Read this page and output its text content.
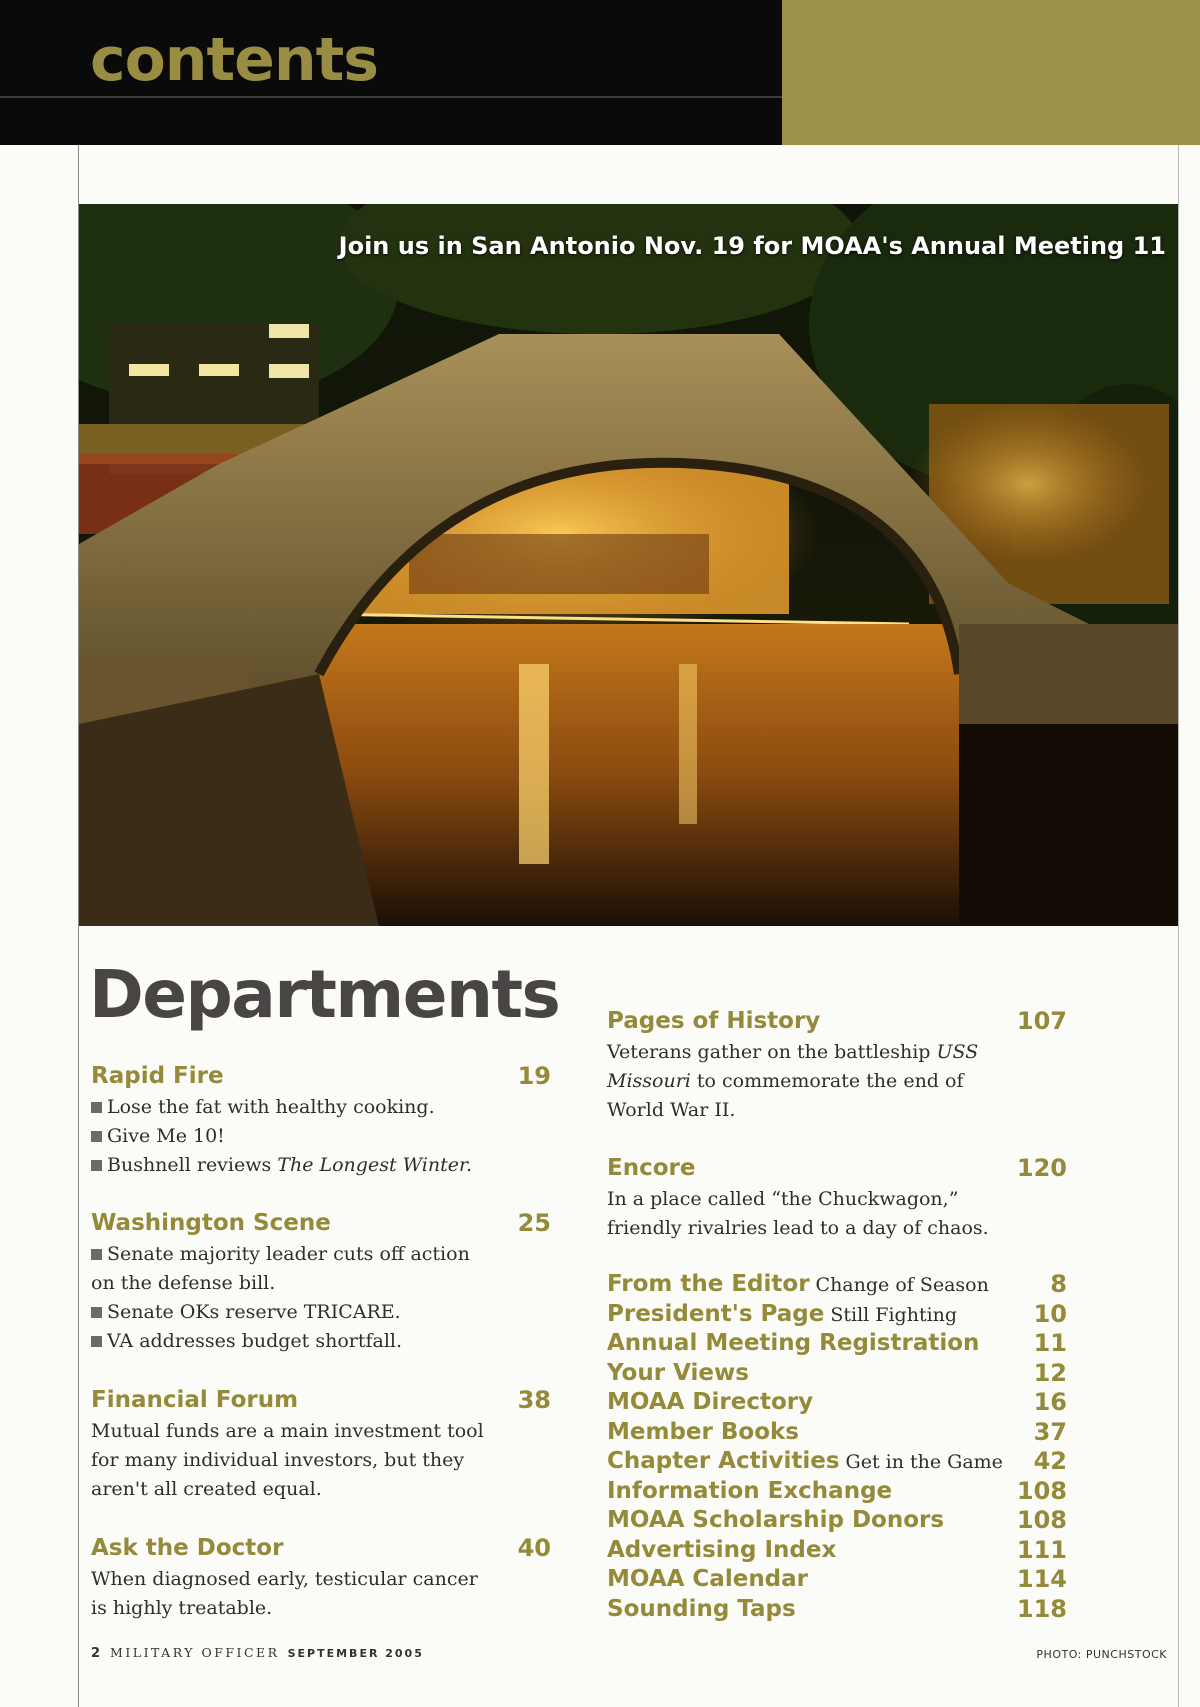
contents
Join us in San Antonio Nov. 19 for MOAA's Annual Meeting 11
Departments
Rapid Fire	19
Lose the fat with healthy cooking.
Give Me 10!
Bushnell reviews The Longest Winter.
Washington Scene	25
Senate majority leader cuts off action
on the defense bill.
Senate OKs reserve TRICARE.
VA addresses budget shortfall.
Financial Forum	38
Mutual funds are a main investment tool
for many individual investors, but they
aren't all created equal.
Ask the Doctor	40
When diagnosed early, testicular cancer
is highly treatable.
Pages of History	107
Veterans gather on the battleship USS
Missouri to commemorate the end of
World War II.
Encore	120
In a place called “the Chuckwagon,”
friendly rivalries lead to a day of chaos.
From the Editor Change of Season	8
President's Page Still Fighting	10
Annual Meeting Registration 11
Your Views	12
MOAA Directory	16
Member Books	37
Chapter Activities Get in the Game 42
Information Exchange	108
MOAA Scholarship Donors	108
Advertising Index	111
MOAA Calendar	114
Sounding Taps	118
2 MILITARY OFFICER SEPTEMBER 2005	PHOTO: PUNCHSTOCK
